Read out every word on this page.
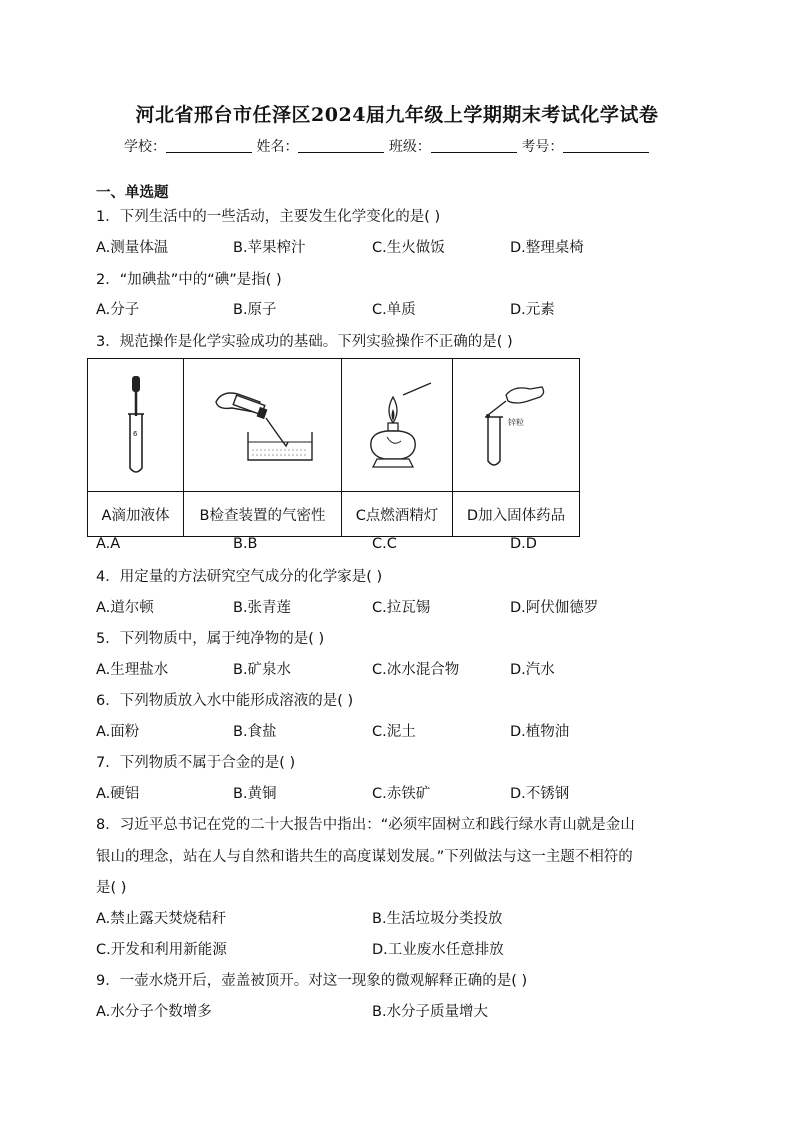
河北省邢台市任泽区2024届九年级上学期期末考试化学试卷
学校：	姓名：	班级：	考号：
一、单选题
1．下列生活中的一些活动，主要发生化学变化的是( )
A.测量体温	B.苹果榨汁	C.生火做饭	D.整理桌椅
2．“加碘盐”中的“碘”是指( )
A.分子	B.原子	C.单质	D.元素
3．规范操作是化学实验成功的基础。下列实验操作不正确的是( )
6			锌粒

A滴加液体	B检查装置的气密性	C点燃酒精灯	D加入固体药品
A.A	B.B	C.C	D.D
4．用定量的方法研究空气成分的化学家是( )
A.道尔顿	B.张青莲	C.拉瓦锡	D.阿伏伽德罗
5．下列物质中，属于纯净物的是( )
A.生理盐水	B.矿泉水	C.冰水混合物	D.汽水
6．下列物质放入水中能形成溶液的是( )
A.面粉	B.食盐	C.泥土	D.植物油
7．下列物质不属于合金的是( )
A.硬铝	B.黄铜	C.赤铁矿	D.不锈钢
8．习近平总书记在党的二十大报告中指出：“必须牢固树立和践行绿水青山就是金山
银山的理念，站在人与自然和谐共生的高度谋划发展。”下列做法与这一主题不相符的
是( )
A.禁止露天焚烧秸秆	B.生活垃圾分类投放
C.开发和利用新能源	D.工业废水任意排放
9．一壶水烧开后，壶盖被顶开。对这一现象的微观解释正确的是( )
A.水分子个数增多	B.水分子质量增大
